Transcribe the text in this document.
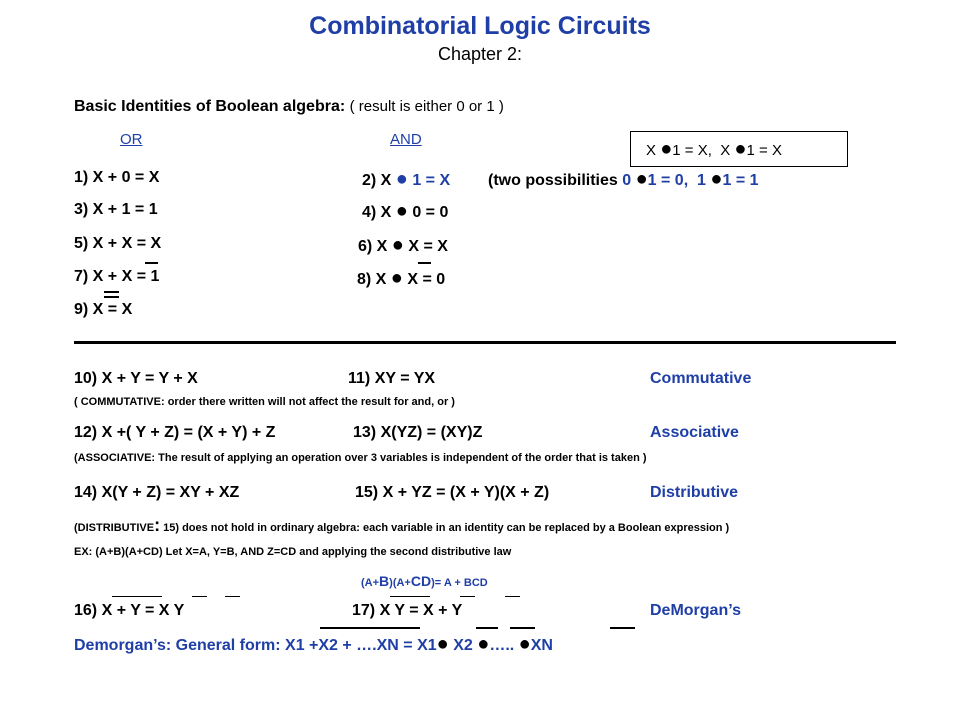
Combinatorial Logic Circuits
Chapter 2:
Basic Identities of Boolean algebra: ( result is either 0 or 1 )
OR	AND
X ●1 = X, X ●1 = X
1) X + 0 = X	2) X ● 1 = X (two possibilities 0 ●1 = 0, 1 ●1 = 1
3) X + 1 = 1	4) X ● 0 = 0
5) X + X = X	6) X ● X = X
7) X + X = 1	8) X ● X = 0
9) X = X
10) X + Y = Y + X	11) XY = YX	Commutative
( COMMUTATIVE: order there written will not affect the result for and, or )
12) X +( Y + Z) = (X + Y) + Z	13) X(YZ) = (XY)Z	Associative
(ASSOCIATIVE: The result of applying an operation over 3 variables is independent of the order that is taken )
14) X(Y + Z) = XY + XZ	15) X + YZ = (X + Y)(X + Z)	Distributive
(DISTRIBUTIVE: 15) does not hold in ordinary algebra: each variable in an identity can be replaced by a Boolean expression )
EX: (A+B)(A+CD) Let X=A, Y=B, AND Z=CD and applying the second distributive law
(A+B)(A+CD)= A + BCD
16) X + Y = X Y	17) X Y = X + Y	DeMorgan’s
Demorgan’s: General form: X1 +X2 + ….XN = X1● X2 ●….. ●XN
